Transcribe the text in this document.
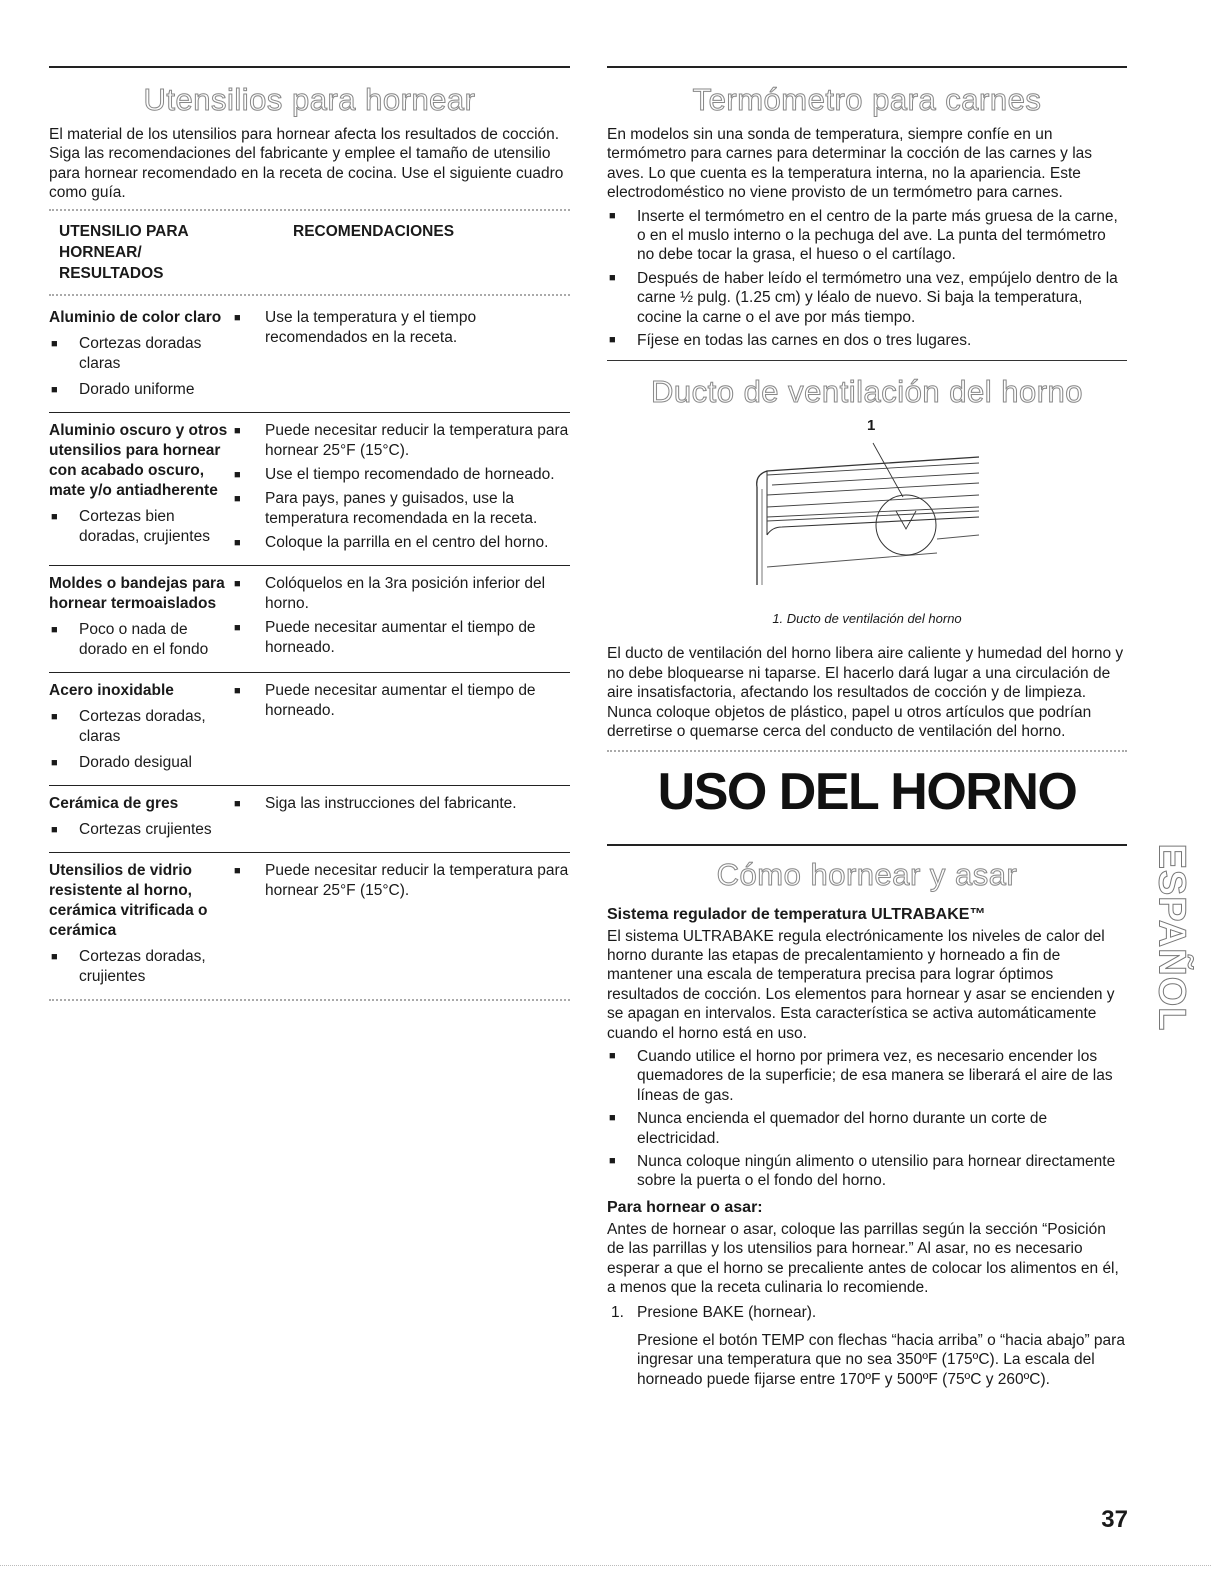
Utensilios para hornear

El material de los utensilios para hornear afecta los resultados de cocción. Siga las recomendaciones del fabricante y emplee el tamaño de utensilio para hornear recomendado en la receta de cocina. Use el siguiente cuadro como guía.

UTENSILIO PARA HORNEAR/ RESULTADOS
RECOMENDACIONES
Aluminio de color claro
■ Cortezas doradas claras
■ Dorado uniforme
■ Use la temperatura y el tiempo recomendados en la receta.
Aluminio oscuro y otros utensilios para hornear con acabado oscuro, mate y/o antiadherente
■ Cortezas bien doradas, crujientes
■ Puede necesitar reducir la temperatura para hornear 25°F (15°C).
■ Use el tiempo recomendado de horneado.
■ Para pays, panes y guisados, use la temperatura recomendada en la receta.
■ Coloque la parrilla en el centro del horno.
Moldes o bandejas para hornear termoaislados
■ Poco o nada de dorado en el fondo
■ Colóquelos en la 3ra posición inferior del horno.
■ Puede necesitar aumentar el tiempo de horneado.
Acero inoxidable
■ Cortezas doradas, claras
■ Dorado desigual
■ Puede necesitar aumentar el tiempo de horneado.
Cerámica de gres
■ Cortezas crujientes
■ Siga las instrucciones del fabricante.
Utensilios de vidrio resistente al horno, cerámica vitrificada o cerámica
■ Cortezas doradas, crujientes
■ Puede necesitar reducir la temperatura para hornear 25°F (15°C).
Termómetro para carnes

En modelos sin una sonda de temperatura, siempre confíe en un termómetro para carnes para determinar la cocción de las carnes y las aves. Lo que cuenta es la temperatura interna, no la apariencia. Este electrodoméstico no viene provisto de un termómetro para carnes.

■ Inserte el termómetro en el centro de la parte más gruesa de la carne, o en el muslo interno o la pechuga del ave. La punta del termómetro no debe tocar la grasa, el hueso o el cartílago.
■ Después de haber leído el termómetro una vez, empújelo dentro de la carne ½ pulg. (1.25 cm) y léalo de nuevo. Si baja la temperatura, cocine la carne o el ave por más tiempo.
■ Fíjese en todas las carnes en dos o tres lugares.
Ducto de ventilación del horno
1
1. Ducto de ventilación del horno

El ducto de ventilación del horno libera aire caliente y humedad del horno y no debe bloquearse ni taparse. El hacerlo dará lugar a una circulación de aire insatisfactoria, afectando los resultados de cocción y de limpieza. Nunca coloque objetos de plástico, papel u otros artículos que podrían derretirse o quemarse cerca del conducto de ventilación del horno.

USO DEL HORNO
Cómo hornear y asar
Sistema regulador de temperatura ULTRABAKE™

El sistema ULTRABAKE regula electrónicamente los niveles de calor del horno durante las etapas de precalentamiento y horneado a fin de mantener una escala de temperatura precisa para lograr óptimos resultados de cocción. Los elementos para hornear y asar se encienden y se apagan en intervalos. Esta característica se activa automáticamente cuando el horno está en uso.

■ Cuando utilice el horno por primera vez, es necesario encender los quemadores de la superficie; de esa manera se liberará el aire de las líneas de gas.
■ Nunca encienda el quemador del horno durante un corte de electricidad.
■ Nunca coloque ningún alimento o utensilio para hornear directamente sobre la puerta o el fondo del horno.
Para hornear o asar:

Antes de hornear o asar, coloque las parrillas según la sección “Posición de las parrillas y los utensilios para hornear.” Al asar, no es necesario esperar a que el horno se precaliente antes de colocar los alimentos en él, a menos que la receta culinaria lo recomiende.

1. Presione BAKE (hornear).
Presione el botón TEMP con flechas “hacia arriba” o “hacia abajo” para ingresar una temperatura que no sea 350ºF (175ºC). La escala del horneado puede fijarse entre 170ºF y 500ºF (75ºC y 260ºC).
ESPAÑOL
37
